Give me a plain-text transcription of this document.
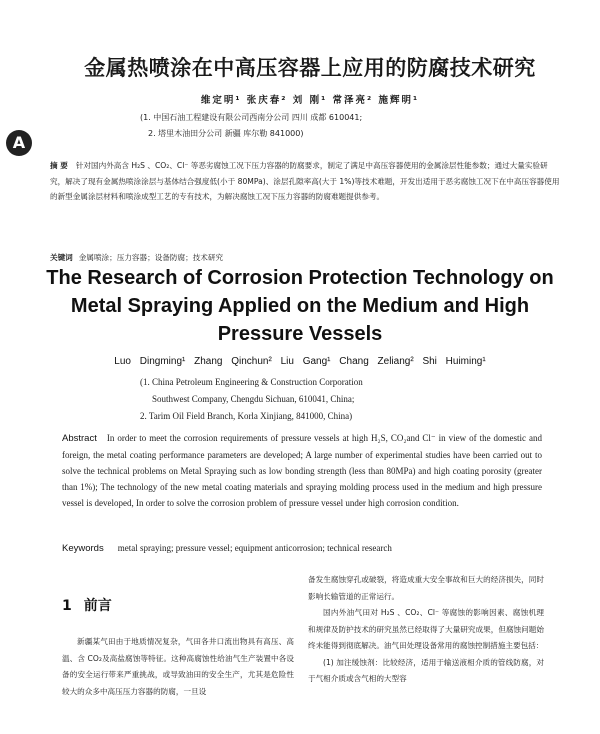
A
金属热喷涂在中高压容器上应用的防腐技术研究
维定明¹ 张庆春² 刘 刚¹ 常泽亮² 施辉明¹
(1. 中国石油工程建设有限公司西南分公司 四川 成都 610041;
2. 塔里木油田分公司 新疆 库尔勒 841000)
摘 要 针对国内外高含 H₂S 、CO₂、Cl⁻ 等恶劣腐蚀工况下压力容器的防腐要求，制定了满足中高压容器使用的金属涂层性能参数；通过大量实验研究，解决了现有金属热喷涂涂层与基体结合强度低(小于 80MPa)、涂层孔隙率高(大于 1%)等技术难题，开发出适用于恶劣腐蚀工况下在中高压容器使用的新型金属涂层材料和喷涂成型工艺的专有技术，为解决腐蚀工况下压力容器的防腐难题提供参考。
关键词 金属喷涂；压力容器；设备防腐；技术研究
The Research of Corrosion Protection Technology on
Metal Spraying Applied on the Medium and High
Pressure Vessels
Luo Dingming¹ Zhang Qinchun² Liu Gang¹ Chang Zeliang² Shi Huiming¹
(1. China Petroleum Engineering & Construction Corporation
Southwest Company, Chengdu Sichuan, 610041, China;
2. Tarim Oil Field Branch, Korla Xinjiang, 841000, China)
Abstract In order to meet the corrosion requirements of pressure vessels at high H₂S, CO₂and Cl⁻ in view of the domestic and foreign, the metal coating performance parameters are developed; A large number of experimental studies have been carried out to solve the technical problems on Metal Spraying such as low bonding strength (less than 80MPa) and high coating porosity (greater than 1%); The technology of the new metal coating materials and spraying molding process used in the medium and high pressure vessel is developed, In order to solve the corrosion problem of pressure vessel under high corrosion condition.
Keywords metal spraying; pressure vessel; equipment anticorrosion; technical research
1 前言

新疆某气田由于地质情况复杂，气田各井口流出物具有高压、高温、含 CO₂及高盐腐蚀等特征。这种高腐蚀性给油气生产装置中各设备的安全运行带来严重挑战，或导致油田的安全生产，尤其是危险性较大的众多中高压压力容器的防腐，一旦设

备发生腐蚀穿孔或破裂，将造成重大安全事故和巨大的经济损失，同时影响长输管道的正常运行。

国内外油气田对 H₂S 、CO₂、Cl⁻ 等腐蚀的影响因素、腐蚀机理和规律及防护技术的研究虽然已经取得了大量研究成果，但腐蚀问题始终未能得到彻底解决。油气田处理设备常用的腐蚀控制措施主要包括：

(1) 加注缓蚀剂：比较经济，适用于输送液相介质的管线防腐，对于气相介质或含气相的大型容
